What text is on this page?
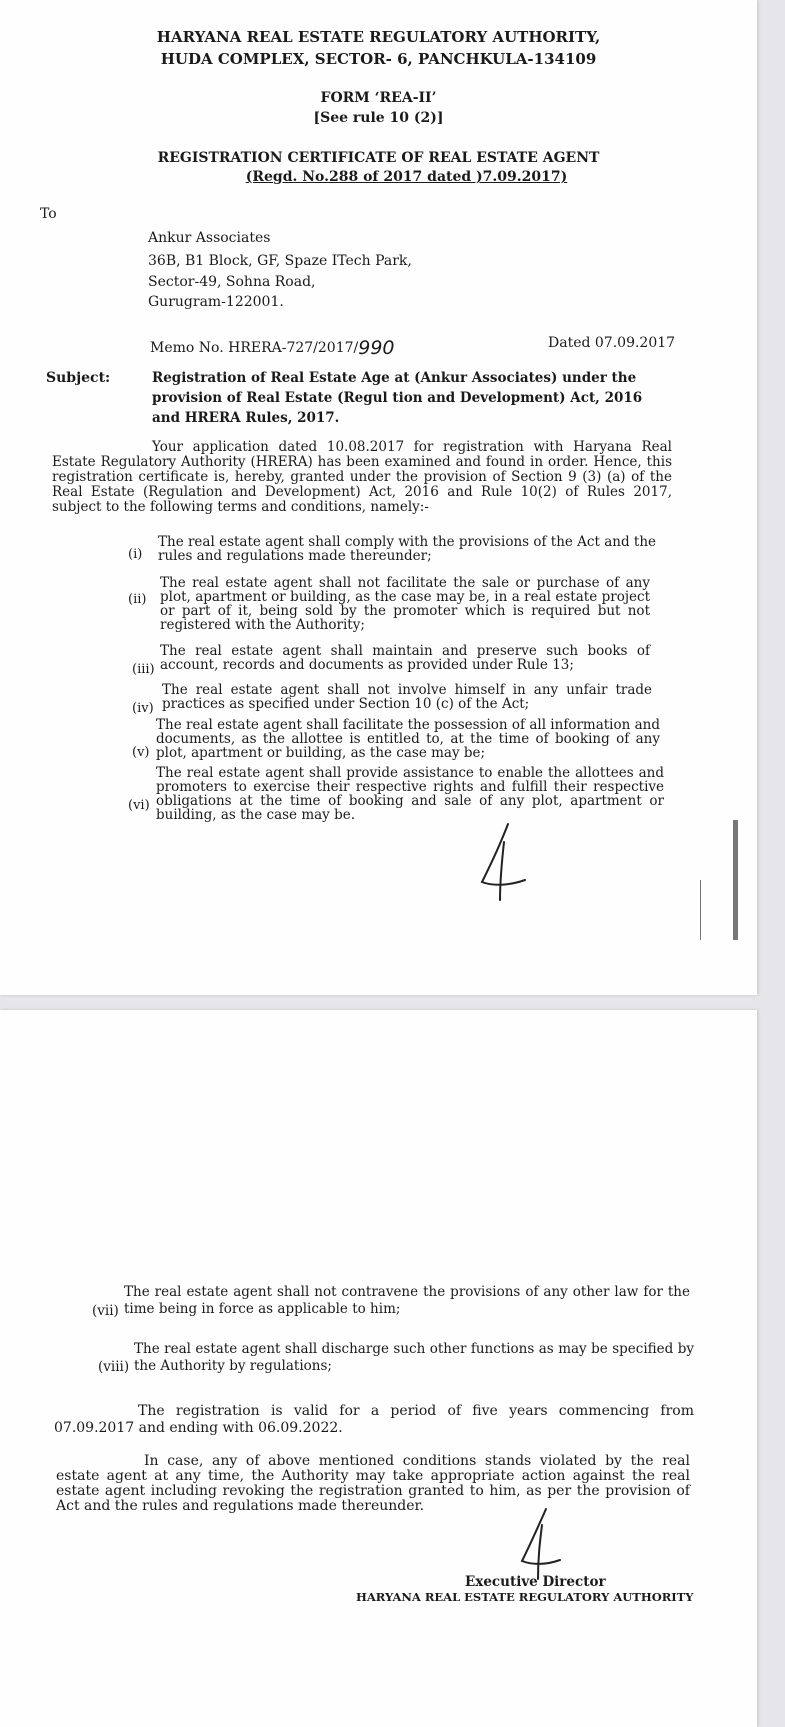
HARYANA REAL ESTATE REGULATORY AUTHORITY,
HUDA COMPLEX, SECTOR- 6, PANCHKULA-134109
FORM ‘REA-II’
[See rule 10 (2)]
REGISTRATION CERTIFICATE OF REAL ESTATE AGENT
(Regd. No.288 of 2017 dated )7.09.2017)
To
Ankur Associates
36B, B1 Block, GF, Spaze ITech Park,
Sector-49, Sohna Road,
Gurugram-122001.
Memo No. HRERA-727/2017/990	Dated 07.09.2017
Subject:	Registration of Real Estate Age at (Ankur Associates) under the
provision of Real Estate (Regul tion and Development) Act, 2016
and HRERA Rules, 2017.
Your application dated 10.08.2017 for registration with Haryana Real Estate Regulatory Authority (HRERA) has been examined and found in order. Hence, this registration certificate is, hereby, granted under the provision of Section 9 (3) (a) of the Real Estate (Regulation and Development) Act, 2016 and Rule 10(2) of Rules 2017, subject to the following terms and conditions, namely:-
(i)
The real estate agent shall comply with the provisions of the Act and the rules and regulations made thereunder;
(ii)
The real estate agent shall not facilitate the sale or purchase of any plot, apartment or building, as the case may be, in a real estate project or part of it, being sold by the promoter which is required but not registered with the Authority;
(iii)
The real estate agent shall maintain and preserve such books of account, records and documents as provided under Rule 13;
(iv)
The real estate agent shall not involve himself in any unfair trade practices as specified under Section 10 (c) of the Act;
(v)
The real estate agent shall facilitate the possession of all information and documents, as the allottee is entitled to, at the time of booking of any plot, apartment or building, as the case may be;
(vi)
The real estate agent shall provide assistance to enable the allottees and promoters to exercise their respective rights and fulfill their respective obligations at the time of booking and sale of any plot, apartment or building, as the case may be.
(vii)
The real estate agent shall not contravene the provisions of any other law for the time being in force as applicable to him;
(viii)
The real estate agent shall discharge such other functions as may be specified by the Authority by regulations;
The registration is valid for a period of five years commencing from 07.09.2017 and ending with 06.09.2022.
In case, any of above mentioned conditions stands violated by the real estate agent at any time, the Authority may take appropriate action against the real estate agent including revoking the registration granted to him, as per the provision of Act and the rules and regulations made thereunder.
Executive Director
HARYANA REAL ESTATE REGULATORY AUTHORITY
